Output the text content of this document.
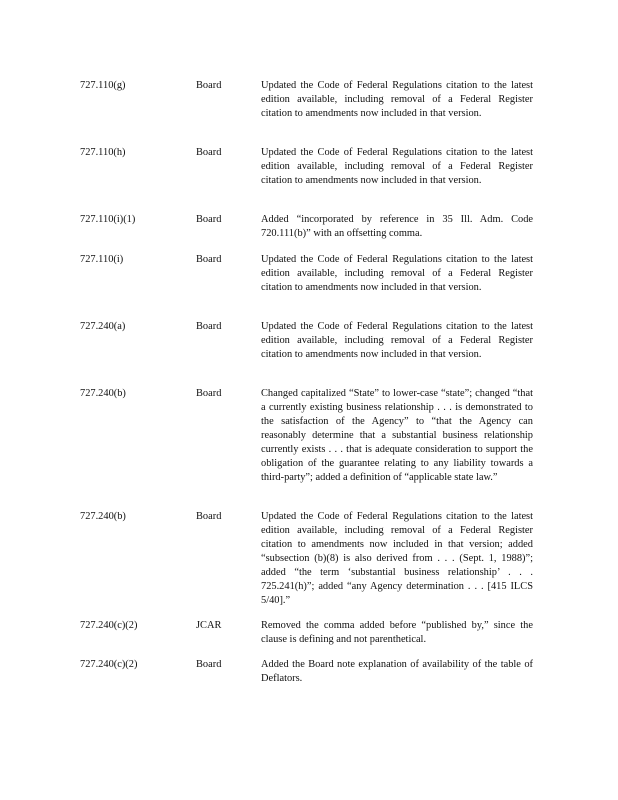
727.110(g)	Board	Updated the Code of Federal Regulations citation to the latest edition available, including removal of a Federal Register citation to amendments now included in that version.
727.110(h)	Board	Updated the Code of Federal Regulations citation to the latest edition available, including removal of a Federal Register citation to amendments now included in that version.
727.110(i)(1)	Board	Added “incorporated by reference in 35 Ill. Adm. Code 720.111(b)” with an offsetting comma.
727.110(i)	Board	Updated the Code of Federal Regulations citation to the latest edition available, including removal of a Federal Register citation to amendments now included in that version.
727.240(a)	Board	Updated the Code of Federal Regulations citation to the latest edition available, including removal of a Federal Register citation to amendments now included in that version.
727.240(b)	Board	Changed capitalized “State” to lower-case “state”; changed “that a currently existing business relationship . . . is demonstrated to the satisfaction of the Agency” to “that the Agency can reasonably determine that a substantial business relationship currently exists . . . that is adequate consideration to support the obligation of the guarantee relating to any liability towards a third-party”; added a definition of “applicable state law.”
727.240(b)	Board	Updated the Code of Federal Regulations citation to the latest edition available, including removal of a Federal Register citation to amendments now included in that version; added “subsection (b)(8) is also derived from . . . (Sept. 1, 1988)”; added “the term ‘substantial business relationship’ . . . 725.241(h)”; added “any Agency determination . . . [415 ILCS 5/40].”
727.240(c)(2)	JCAR	Removed the comma added before “published by,” since the clause is defining and not parenthetical.
727.240(c)(2)	Board	Added the Board note explanation of availability of the table of Deflators.
